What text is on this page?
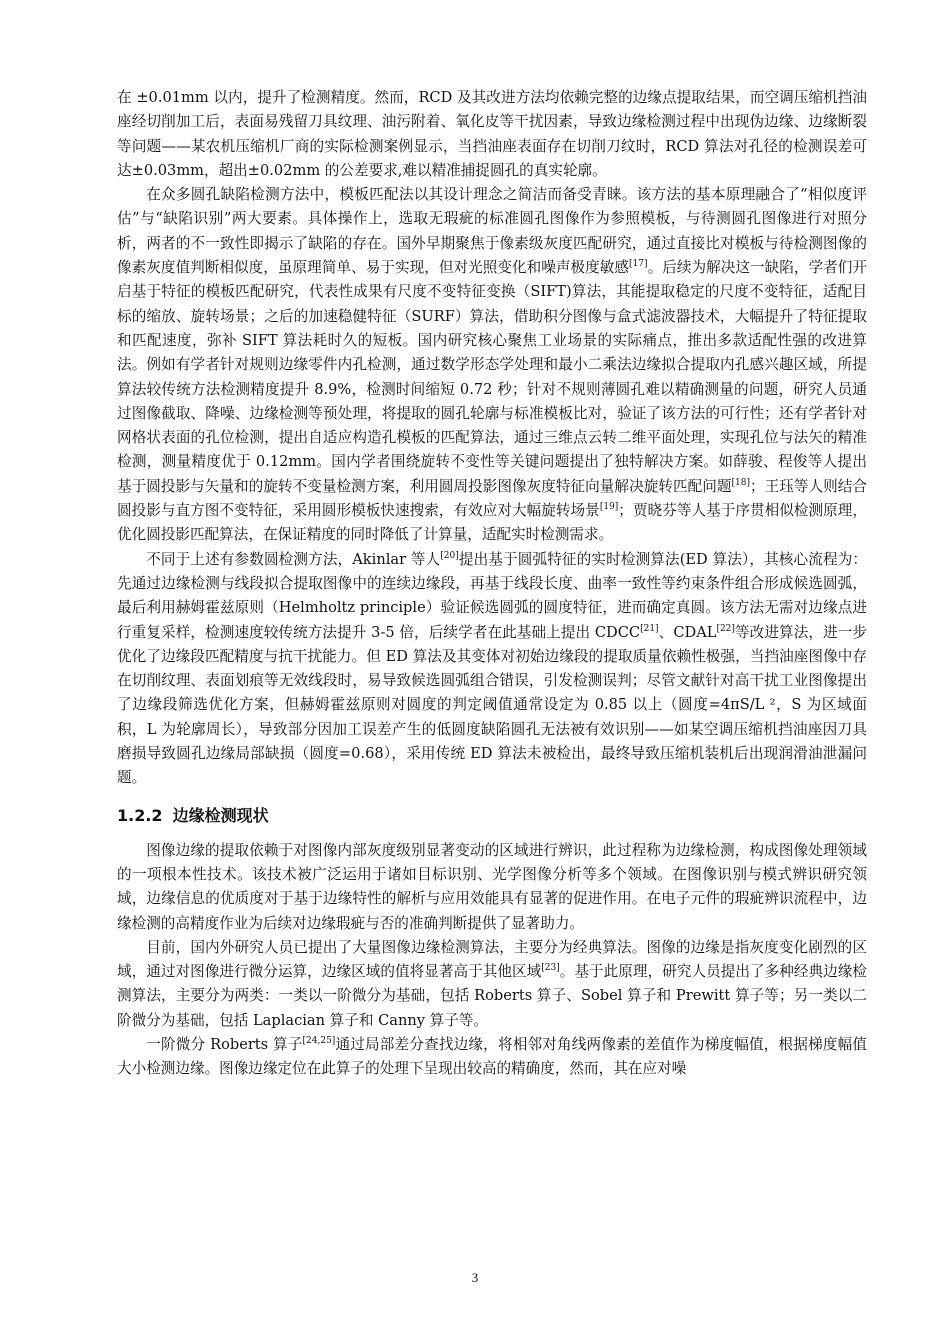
在 ±0.01mm 以内，提升了检测精度。然而，RCD 及其改进方法均依赖完整的边缘点提取结果，而空调压缩机挡油座经切削加工后，表面易残留刀具纹理、油污附着、氧化皮等干扰因素，导致边缘检测过程中出现伪边缘、边缘断裂等问题——某农机压缩机厂商的实际检测案例显示，当挡油座表面存在切削刀纹时，RCD 算法对孔径的检测误差可达±0.03mm，超出±0.02mm 的公差要求,难以精准捕捉圆孔的真实轮廓。

在众多圆孔缺陷检测方法中，模板匹配法以其设计理念之简洁而备受青睐。该方法的基本原理融合了“相似度评估”与“缺陷识别”两大要素。具体操作上，选取无瑕疵的标准圆孔图像作为参照模板，与待测圆孔图像进行对照分析，两者的不一致性即揭示了缺陷的存在。国外早期聚焦于像素级灰度匹配研究，通过直接比对模板与待检测图像的像素灰度值判断相似度，虽原理简单、易于实现，但对光照变化和噪声极度敏感[17]。后续为解决这一缺陷，学者们开启基于特征的模板匹配研究，代表性成果有尺度不变特征变换（SIFT)算法，其能提取稳定的尺度不变特征，适配目标的缩放、旋转场景；之后的加速稳健特征（SURF）算法，借助积分图像与盒式滤波器技术，大幅提升了特征提取和匹配速度，弥补 SIFT 算法耗时久的短板。国内研究核心聚焦工业场景的实际痛点，推出多款适配性强的改进算法。例如有学者针对规则边缘零件内孔检测，通过数学形态学处理和最小二乘法边缘拟合提取内孔感兴趣区域，所提算法较传统方法检测精度提升 8.9%，检测时间缩短 0.72 秒；针对不规则薄圆孔难以精确测量的问题，研究人员通过图像截取、降噪、边缘检测等预处理，将提取的圆孔轮廓与标准模板比对，验证了该方法的可行性；还有学者针对网格状表面的孔位检测，提出自适应构造孔模板的匹配算法，通过三维点云转二维平面处理，实现孔位与法矢的精准检测，测量精度优于 0.12mm。国内学者围绕旋转不变性等关键问题提出了独特解决方案。如薛骏、程俊等人提出基于圆投影与矢量和的旋转不变量检测方案，利用圆周投影图像灰度特征向量解决旋转匹配问题[18]；王珏等人则结合圆投影与直方图不变特征，采用圆形模板快速搜索，有效应对大幅旋转场景[19]；贾晓芬等人基于序贯相似检测原理，优化圆投影匹配算法，在保证精度的同时降低了计算量，适配实时检测需求。

不同于上述有参数圆检测方法，Akinlar 等人[20]提出基于圆弧特征的实时检测算法(ED 算法），其核心流程为：先通过边缘检测与线段拟合提取图像中的连续边缘段，再基于线段长度、曲率一致性等约束条件组合形成候选圆弧，最后利用赫姆霍兹原则（Helmholtz principle）验证候选圆弧的圆度特征，进而确定真圆。该方法无需对边缘点进行重复采样，检测速度较传统方法提升 3-5 倍，后续学者在此基础上提出 CDCC[21]、CDAL[22]等改进算法，进一步优化了边缘段匹配精度与抗干扰能力。但 ED 算法及其变体对初始边缘段的提取质量依赖性极强，当挡油座图像中存在切削纹理、表面划痕等无效线段时，易导致候选圆弧组合错误，引发检测误判；尽管文献针对高干扰工业图像提出了边缘段筛选优化方案，但赫姆霍兹原则对圆度的判定阈值通常设定为 0.85 以上（圆度=4πS/L ²，S 为区域面积，L 为轮廓周长），导致部分因加工误差产生的低圆度缺陷圆孔无法被有效识别——如某空调压缩机挡油座因刀具磨损导致圆孔边缘局部缺损（圆度=0.68），采用传统 ED 算法未被检出，最终导致压缩机装机后出现润滑油泄漏问题。

1.2.2 边缘检测现状

图像边缘的提取依赖于对图像内部灰度级别显著变动的区域进行辨识，此过程称为边缘检测，构成图像处理领域的一项根本性技术。该技术被广泛运用于诸如目标识别、光学图像分析等多个领域。在图像识别与模式辨识研究领域，边缘信息的优质度对于基于边缘特性的解析与应用效能具有显著的促进作用。在电子元件的瑕疵辨识流程中，边缘检测的高精度作业为后续对边缘瑕疵与否的准确判断提供了显著助力。

目前，国内外研究人员已提出了大量图像边缘检测算法，主要分为经典算法。图像的边缘是指灰度变化剧烈的区域，通过对图像进行微分运算，边缘区域的值将显著高于其他区域[23]。基于此原理，研究人员提出了多种经典边缘检测算法，主要分为两类：一类以一阶微分为基础，包括 Roberts 算子、Sobel 算子和 Prewitt 算子等；另一类以二阶微分为基础，包括 Laplacian 算子和 Canny 算子等。

一阶微分 Roberts 算子[24,25]通过局部差分查找边缘，将相邻对角线两像素的差值作为梯度幅值，根据梯度幅值大小检测边缘。图像边缘定位在此算子的处理下呈现出较高的精确度，然而，其在应对噪

3
